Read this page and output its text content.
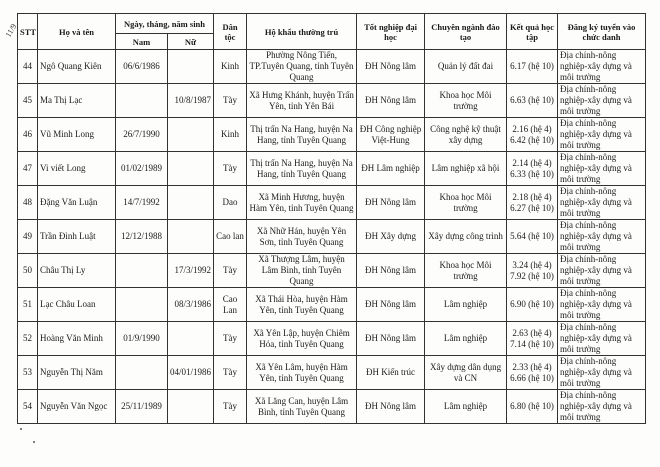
11/9 STT	Họ và tên	Ngày, tháng, năm sinh		Dân tộc	Hộ khẩu thường trú	Tốt nghiệp đại học	Chuyên ngành đào tạo	Kết quả học tập	Đăng ký tuyển vào chức danh
		Nam	Nữ						
44	Ngô Quang Kiên	06/6/1986		Kinh	Phường Nông Tiến, TP.Tuyên Quang, tỉnh Tuyên Quang	ĐH Nông lâm	Quản lý đất đai	6.17 (hệ 10)	Địa chính-nông nghiệp-xây dựng và môi trường
45	Ma Thị Lạc		10/8/1987	Tày	Xã Hưng Khánh, huyện Trấn Yên, tỉnh Yên Bái	ĐH Nông lâm	Khoa học Môi trường	6.63 (hệ 10)	Địa chính-nông nghiệp-xây dựng và môi trường
46	Vũ Minh Long	26/7/1990		Kinh	Thị trấn Na Hang, huyện Na Hang, tỉnh Tuyên Quang	ĐH Công nghiệp Việt-Hung	Công nghệ kỹ thuật xây dựng	2.16 (hệ 4) 6.42 (hệ 10)	Địa chính-nông nghiệp-xây dựng và môi trường
47	Vi viết Long	01/02/1989		Tày	Thị trấn Na Hang, huyện Na Hang, tỉnh Tuyên Quang	ĐH Lâm nghiệp	Lâm nghiệp xã hội	2.14 (hệ 4) 6.33 (hệ 10)	Địa chính-nông nghiệp-xây dựng và môi trường
48	Đặng Văn Luận	14/7/1992		Dao	Xã Minh Hương, huyện Hàm Yên, tỉnh Tuyên Quang	ĐH Nông lâm	Khoa học Môi trường	2.18 (hệ 4) 6.27 (hệ 10)	Địa chính-nông nghiệp-xây dựng và môi trường
49	Trần Đình Luật	12/12/1988		Cao lan	Xã Nhữ Hán, huyện Yên Sơn, tỉnh Tuyên Quang	ĐH Xây dựng	Xây dựng công trình	5.64 (hệ 10)	Địa chính-nông nghiệp-xây dựng và môi trường
50	Châu Thị Ly		17/3/1992	Tày	Xã Thượng Lâm, huyện Lâm Bình, tỉnh Tuyên Quang	ĐH Nông lâm	Khoa học Môi trường	3.24 (hệ 4) 7.92 (hệ 10)	Địa chính-nông nghiệp-xây dựng và môi trường
51	Lạc Châu Loan		08/3/1986	Cao Lan	Xã Thái Hòa, huyện Hàm Yên, tỉnh Tuyên Quang	ĐH Nông lâm	Lâm nghiệp	6.90 (hệ 10)	Địa chính-nông nghiệp-xây dựng và môi trường
52	Hoàng Văn Minh	01/9/1990		Tày	Xã Yên Lập, huyện Chiêm Hóa, tỉnh Tuyên Quang	ĐH Nông lâm	Lâm nghiệp	2.63 (hệ 4) 7.14 (hệ 10)	Địa chính-nông nghiệp-xây dựng và môi trường
53	Nguyễn Thị Năm		04/01/1986	Tày	Xã Yên Lâm, huyện Hàm Yên, tỉnh Tuyên Quang	ĐH Kiến trúc	Xây dựng dân dụng và CN	2.33 (hệ 4) 6.66 (hệ 10)	Địa chính-nông nghiệp-xây dựng và môi trường
54	Nguyễn Văn Ngọc	25/11/1989		Tày	Xã Lăng Can, huyện Lâm Bình, tỉnh Tuyên Quang	ĐH Nông lâm	Lâm nghiệp	6.80 (hệ 10)	Địa chính-nông nghiệp-xây dựng và môi trường
